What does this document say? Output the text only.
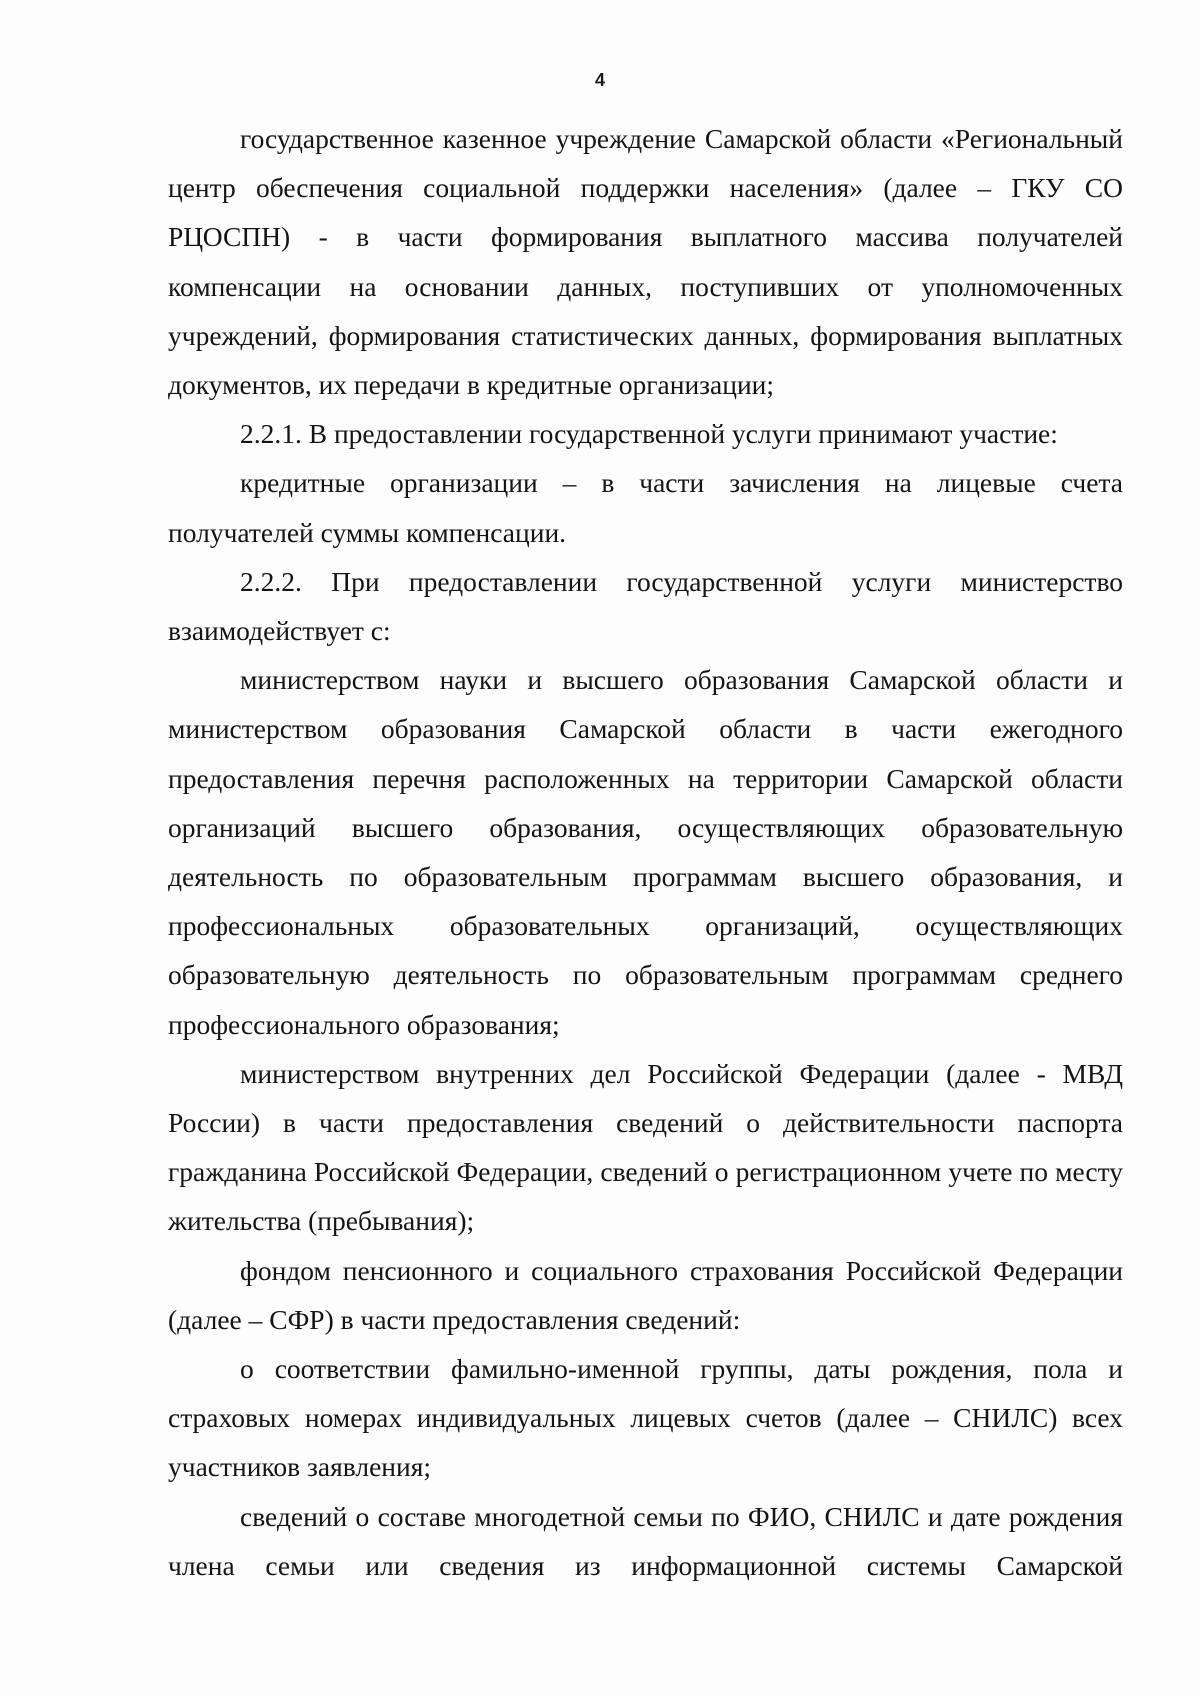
4

государственное казенное учреждение Самарской области «Региональный центр обеспечения социальной поддержки населения» (далее – ГКУ СО РЦОСПН) - в части формирования выплатного массива получателей компенсации на основании данных, поступивших от уполномоченных учреждений, формирования статистических данных, формирования выплатных документов, их передачи в кредитные организации;

2.2.1. В предоставлении государственной услуги принимают участие:

кредитные организации – в части зачисления на лицевые счета получателей суммы компенсации.

2.2.2. При предоставлении государственной услуги министерство взаимодействует с:

министерством науки и высшего образования Самарской области и министерством образования Самарской области в части ежегодного предоставления перечня расположенных на территории Самарской области организаций высшего образования, осуществляющих образовательную деятельность по образовательным программам высшего образования, и профессиональных образовательных организаций, осуществляющих образовательную деятельность по образовательным программам среднего профессионального образования;

министерством внутренних дел Российской Федерации (далее - МВД России) в части предоставления сведений о действительности паспорта гражданина Российской Федерации, сведений о регистрационном учете по месту жительства (пребывания);

фондом пенсионного и социального страхования Российской Федерации (далее – СФР) в части предоставления сведений:

о соответствии фамильно-именной группы, даты рождения, пола и страховых номерах индивидуальных лицевых счетов (далее – СНИЛС) всех участников заявления;

сведений о составе многодетной семьи по ФИО, СНИЛС и дате рождения члена семьи или сведения из информационной системы Самарской
